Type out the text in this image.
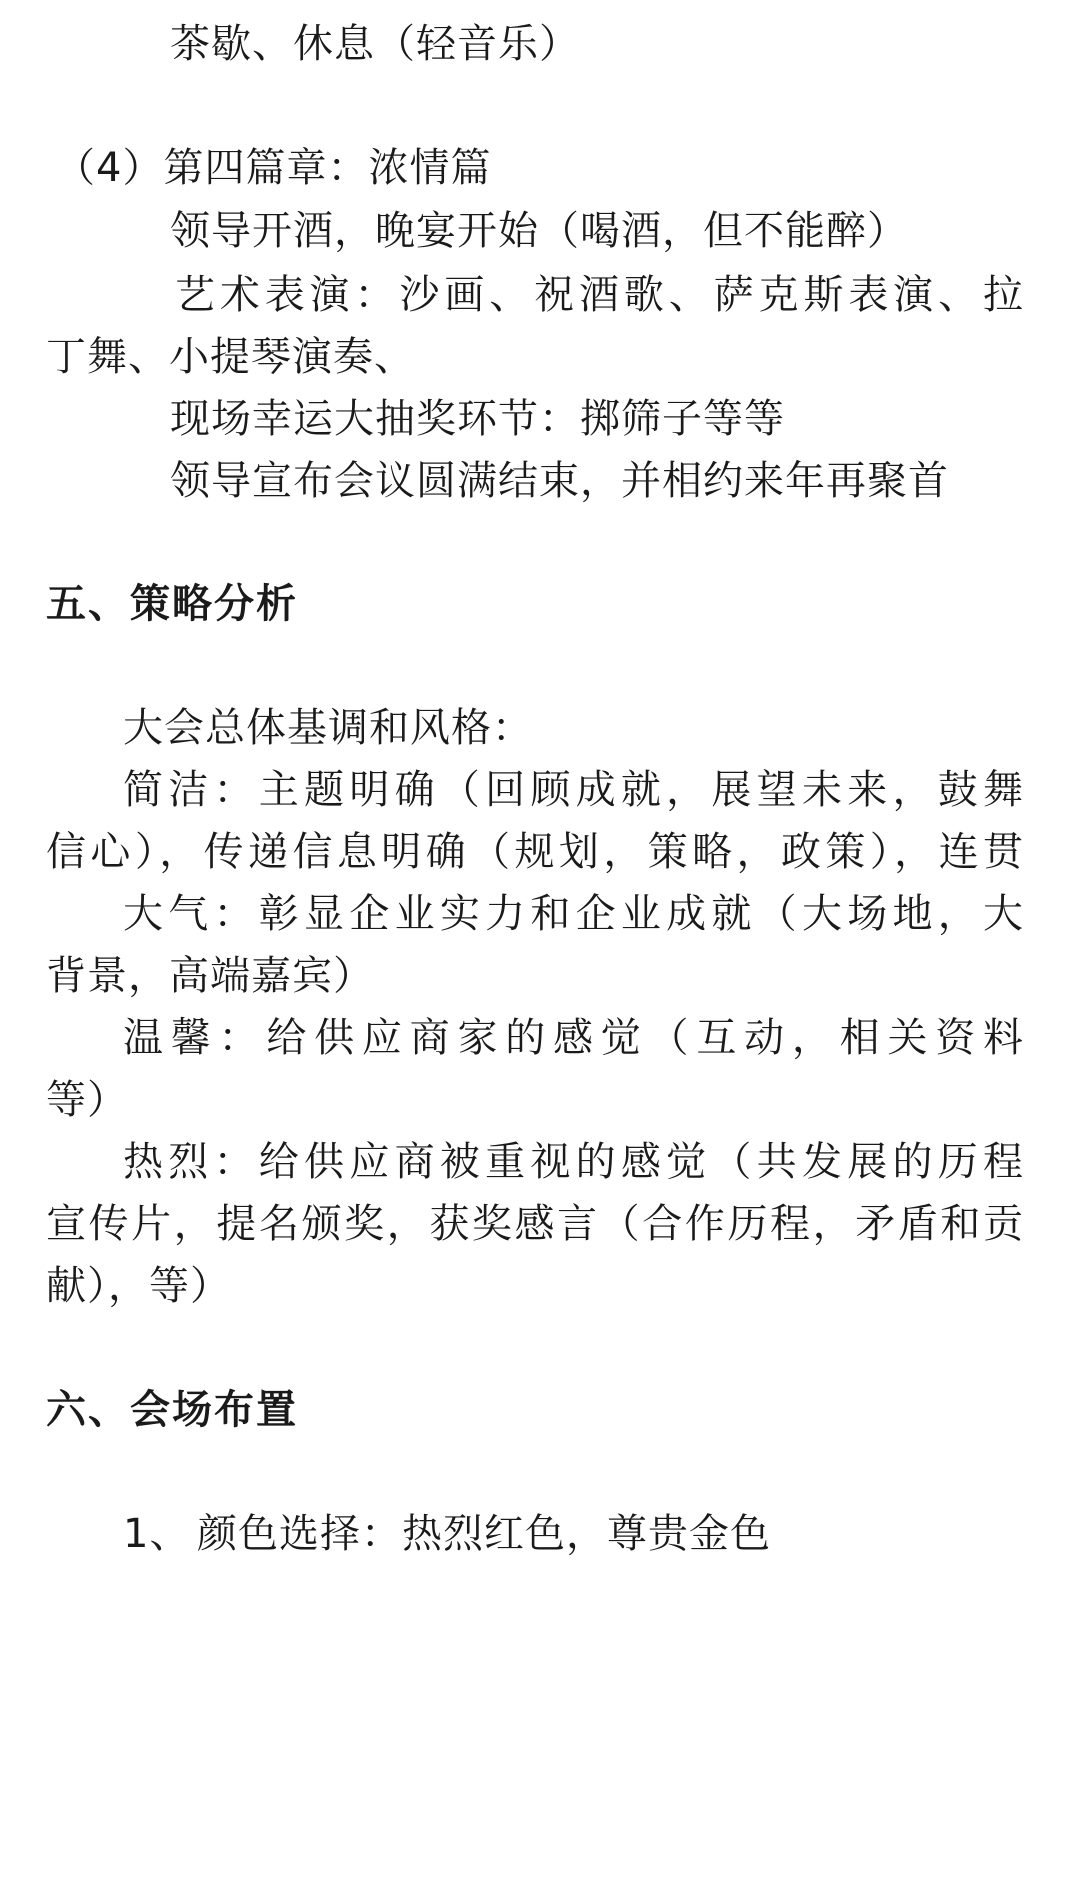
茶歇、休息（轻音乐）
（4）第四篇章：浓情篇
领导开酒，晚宴开始（喝酒，但不能醉）
艺术表演：沙画、祝酒歌、萨克斯表演、拉
丁舞、小提琴演奏、
现场幸运大抽奖环节：掷筛子等等
领导宣布会议圆满结束，并相约来年再聚首
五、策略分析
大会总体基调和风格：
简洁：主题明确（回顾成就，展望未来，鼓舞
信心），传递信息明确（规划，策略，政策），连贯
大气：彰显企业实力和企业成就（大场地，大
背景，高端嘉宾）
温馨：给供应商家的感觉（互动，相关资料
等）
热烈：给供应商被重视的感觉（共发展的历程
宣传片，提名颁奖，获奖感言（合作历程，矛盾和贡
献），等）
六、会场布置
1、 颜色选择：热烈红色，尊贵金色
